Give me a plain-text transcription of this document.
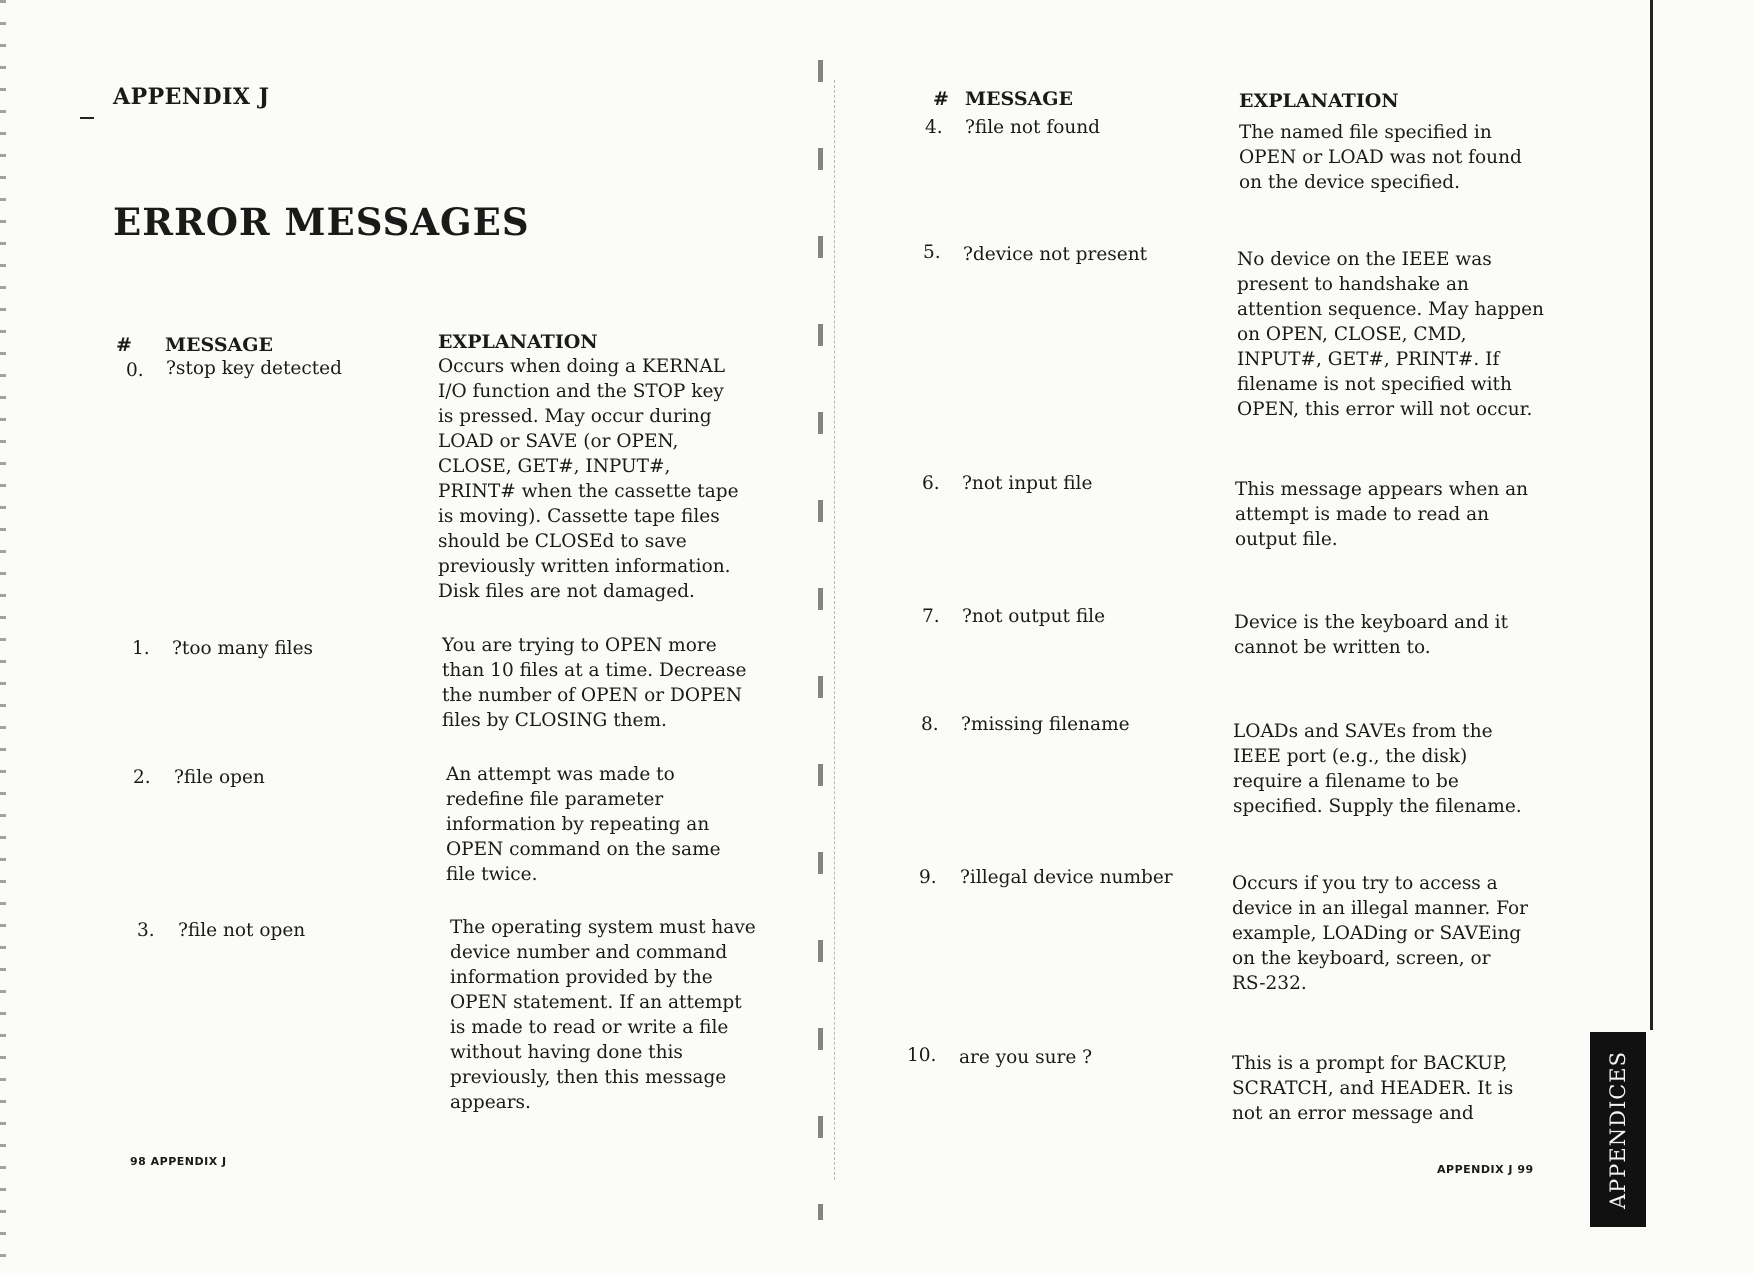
APPENDIX J
ERROR MESSAGES
# MESSAGE	EXPLANATION
0. ?stop key detected	Occurs when doing a KERNAL
I/O function and the STOP key
is pressed. May occur during
LOAD or SAVE (or OPEN,
CLOSE, GET#, INPUT#,
PRINT# when the cassette tape
is moving). Cassette tape files
should be CLOSEd to save
previously written information.
Disk files are not damaged.
1. ?too many files	You are trying to OPEN more
than 10 files at a time. Decrease
the number of OPEN or DOPEN
files by CLOSING them.
2. ?file open	An attempt was made to
redefine file parameter
information by repeating an
OPEN command on the same
file twice.
3. ?file not open	The operating system must have
device number and command
information provided by the
OPEN statement. If an attempt
is made to read or write a file
without having done this
previously, then this message
appears.
98 APPENDIX J
# MESSAGE	EXPLANATION
4. ?file not found	The named file specified in
OPEN or LOAD was not found
on the device specified.
5. ?device not present	No device on the IEEE was
present to handshake an
attention sequence. May happen
on OPEN, CLOSE, CMD,
INPUT#, GET#, PRINT#. If
filename is not specified with
OPEN, this error will not occur.
6. ?not input file	This message appears when an
attempt is made to read an
output file.
7. ?not output file	Device is the keyboard and it
cannot be written to.
8. ?missing filename	LOADs and SAVEs from the
IEEE port (e.g., the disk)
require a filename to be
specified. Supply the filename.
9. ?illegal device number	Occurs if you try to access a
device in an illegal manner. For
example, LOADing or SAVEing
on the keyboard, screen, or
RS-232.
10. are you sure ?	This is a prompt for BACKUP,
SCRATCH, and HEADER. It is
not an error message and
APPENDIX J 99	APPENDICES
